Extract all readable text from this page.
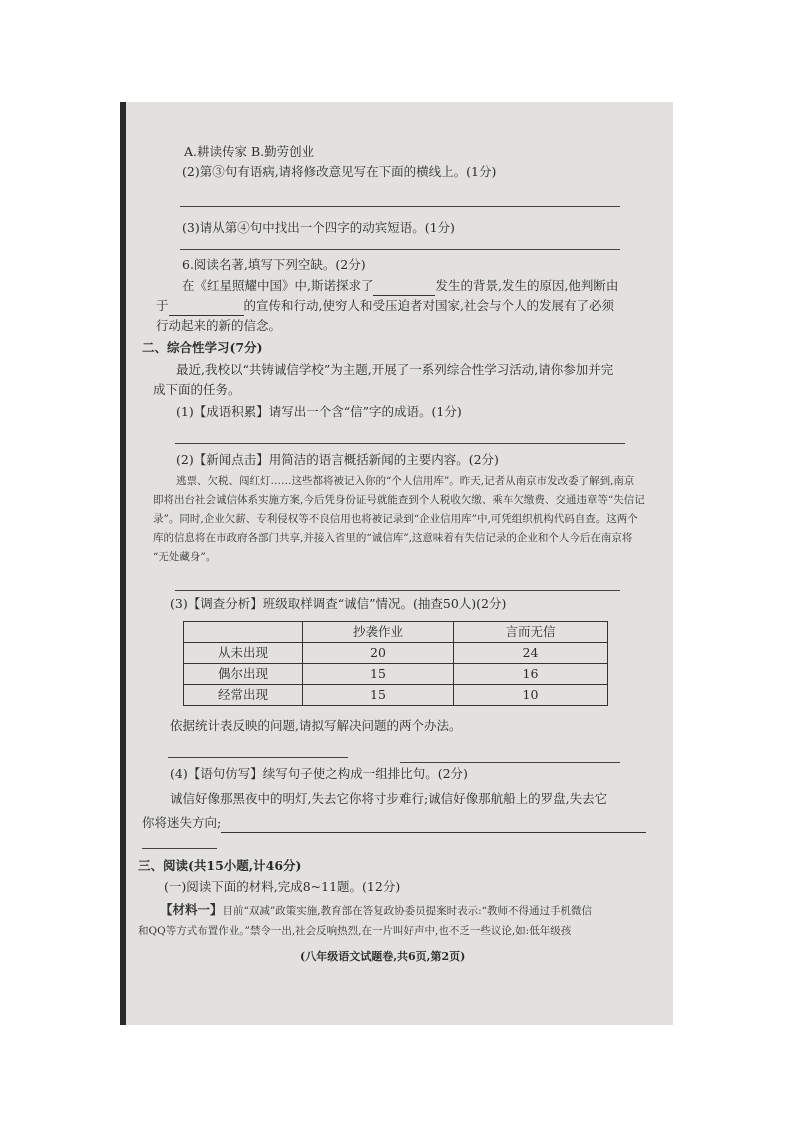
A.耕读传家 B.勤劳创业
(2)第③句有语病,请将修改意见写在下面的横线上。(1分)
(3)请从第④句中找出一个四字的动宾短语。(1分)
6.阅读名著,填写下列空缺。(2分)
在《红星照耀中国》中,斯诺探求了	发生的背景,发生的原因,他判断由
于	的宣传和行动,使穷人和受压迫者对国家,社会与个人的发展有了必须
行动起来的新的信念。
二、综合性学习(7分)
最近,我校以“共铸诚信学校”为主题,开展了一系列综合性学习活动,请你参加并完
成下面的任务。
(1)【成语积累】请写出一个含“信”字的成语。(1分)
(2)【新闻点击】用简洁的语言概括新闻的主要内容。(2分)
逃票、欠税、闯红灯……这些都将被记入你的“个人信用库”。昨天,记者从南京市发改委了解到,南京
即将出台社会诚信体系实施方案,今后凭身份证号就能查到个人税收欠缴、乘车欠缴费、交通违章等“失信记
录”。同时,企业欠薪、专利侵权等不良信用也将被记录到“企业信用库”中,可凭组织机构代码自查。这两个
库的信息将在市政府各部门共享,并接入省里的“诚信库”,这意味着有失信记录的企业和个人今后在南京将
“无处藏身”。
(3)【调查分析】班级取样调查“诚信”情况。(抽查50人)(2分)
	抄袭作业	言而无信
从未出现	20	24
偶尔出现	15	16
经常出现	15	10
依据统计表反映的问题,请拟写解决问题的两个办法。
(4)【语句仿写】续写句子使之构成一组排比句。(2分)
诚信好像那黑夜中的明灯,失去它你将寸步难行;诚信好像那航船上的罗盘,失去它
你将迷失方向;
三、阅读(共15小题,计46分)
(一)阅读下面的材料,完成8~11题。(12分)
【材料一】目前“双减”政策实施,教育部在答复政协委员提案时表示:“教师不得通过手机微信
和QQ等方式布置作业。”禁令一出,社会反响热烈,在一片叫好声中,也不乏一些议论,如:低年级孩
(八年级语文试题卷,共6页,第2页)
